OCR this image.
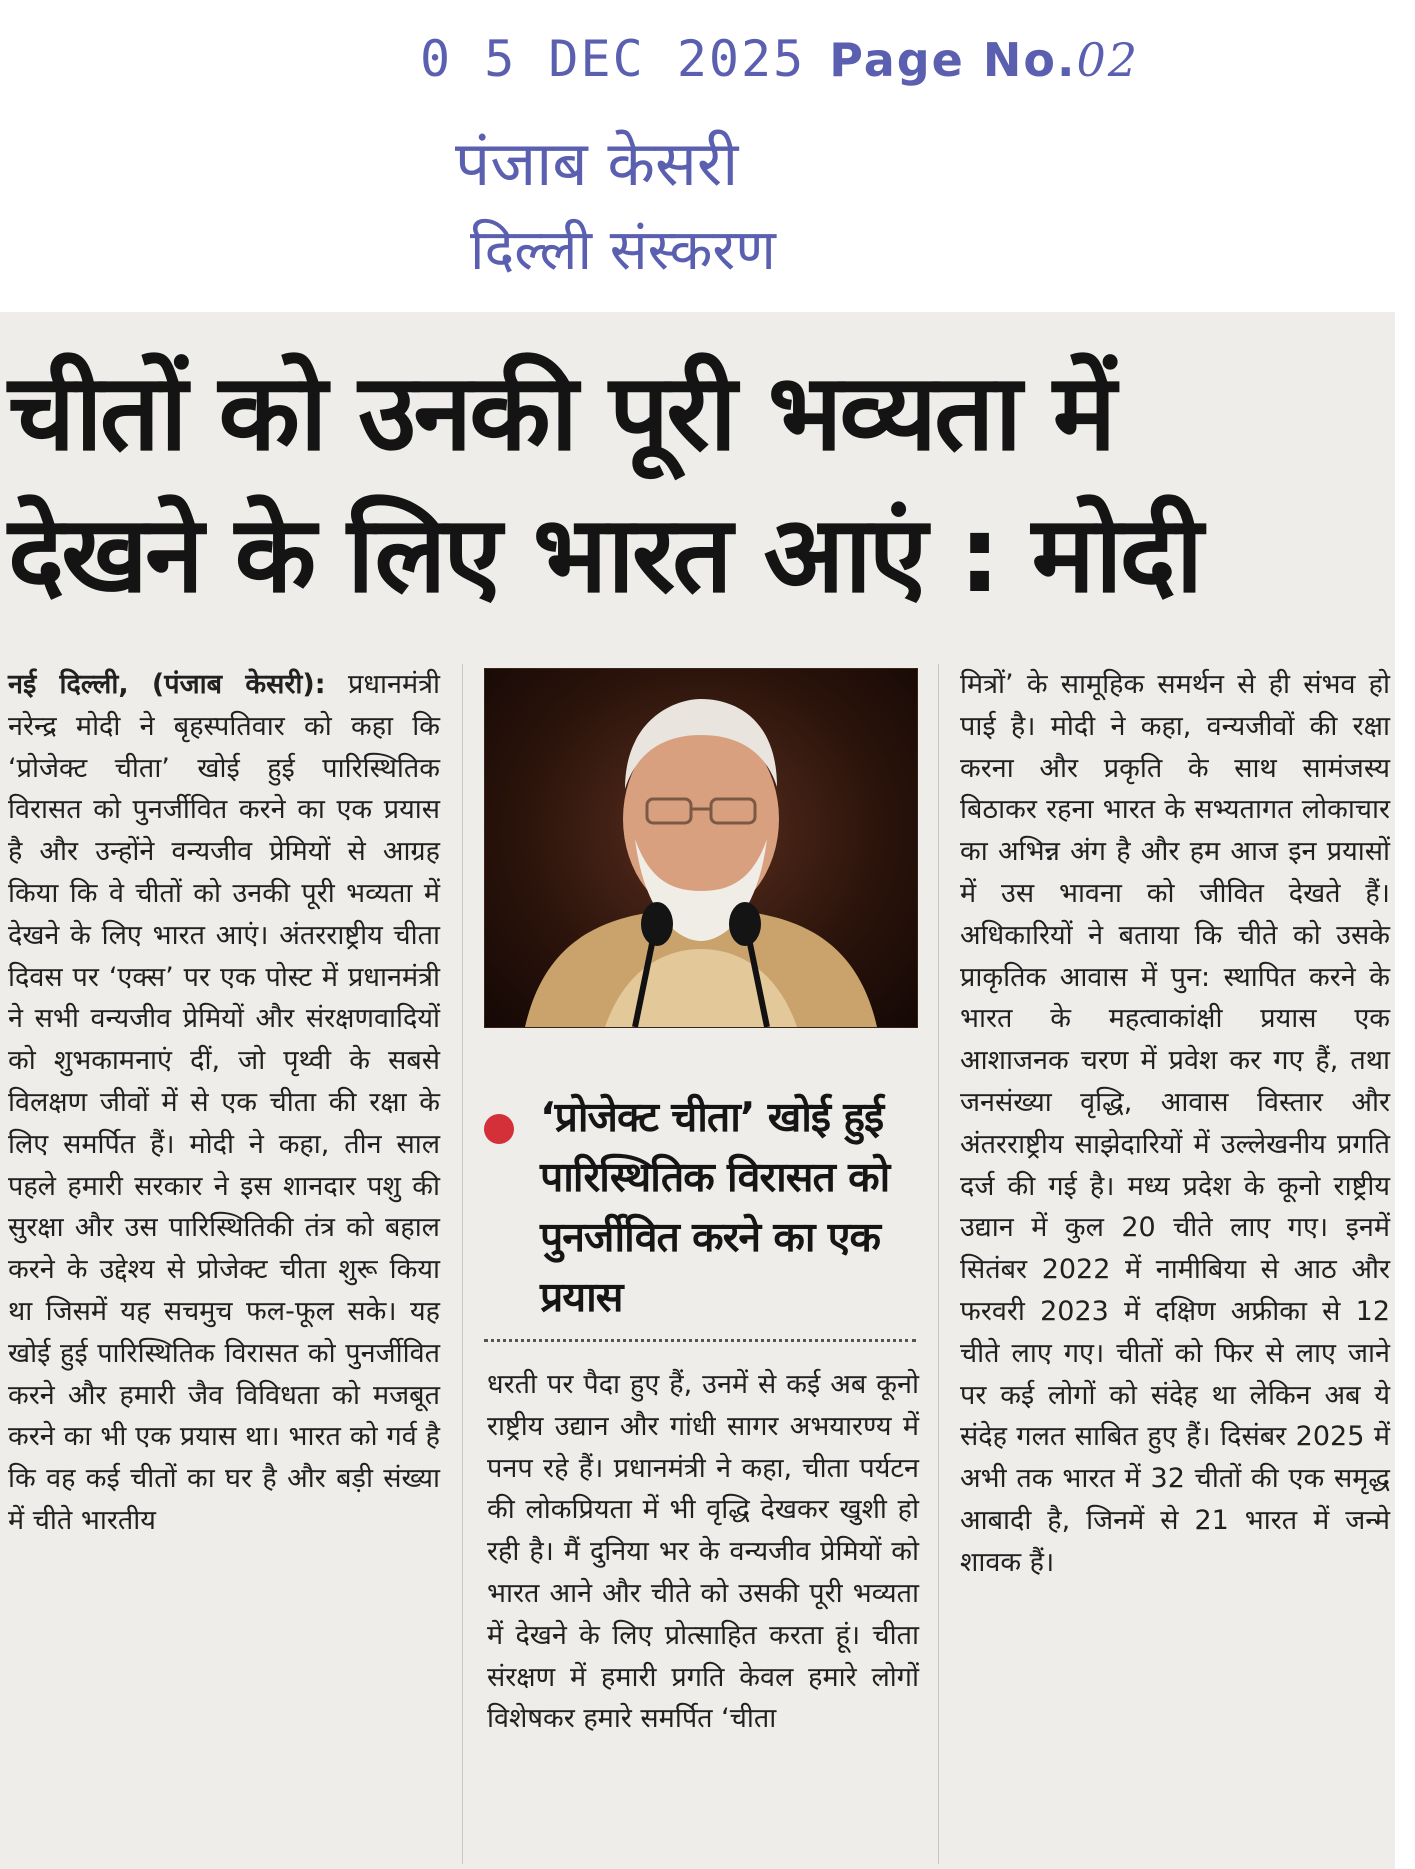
0 5 DEC 2025 Page No.02
पंजाब केसरी
दिल्ली संस्करण
चीतों को उनकी पूरी भव्यता में
देखने के लिए भारत आएं : मोदी
नई दिल्ली, (पंजाब केसरी): प्रधानमंत्री नरेन्द्र मोदी ने बृहस्पतिवार को कहा कि ‘प्रोजेक्ट चीता’ खोई हुई पारिस्थितिक विरासत को पुनर्जीवित करने का एक प्रयास है और उन्होंने वन्यजीव प्रेमियों से आग्रह किया कि वे चीतों को उनकी पूरी भव्यता में देखने के लिए भारत आएं। अंतरराष्ट्रीय चीता दिवस पर ‘एक्स’ पर एक पोस्ट में प्रधानमंत्री ने सभी वन्यजीव प्रेमियों और संरक्षणवादियों को शुभकामनाएं दीं, जो पृथ्वी के सबसे विलक्षण जीवों में से एक चीता की रक्षा के लिए समर्पित हैं। मोदी ने कहा, तीन साल पहले हमारी सरकार ने इस शानदार पशु की सुरक्षा और उस पारिस्थितिकी तंत्र को बहाल करने के उद्देश्य से प्रोजेक्ट चीता शुरू किया था जिसमें यह सचमुच फल-फूल सके। यह खोई हुई पारिस्थितिक विरासत को पुनर्जीवित करने और हमारी जैव विविधता को मजबूत करने का भी एक प्रयास था। भारत को गर्व है कि वह कई चीतों का घर है और बड़ी संख्या में चीते भारतीय
‘प्रोजेक्ट चीता’ खोई हुई पारिस्थितिक विरासत को पुनर्जीवित करने का एक प्रयास
धरती पर पैदा हुए हैं, उनमें से कई अब कूनो राष्ट्रीय उद्यान और गांधी सागर अभयारण्य में पनप रहे हैं। प्रधानमंत्री ने कहा, चीता पर्यटन की लोकप्रियता में भी वृद्धि देखकर खुशी हो रही है। मैं दुनिया भर के वन्यजीव प्रेमियों को भारत आने और चीते को उसकी पूरी भव्यता में देखने के लिए प्रोत्साहित करता हूं। चीता संरक्षण में हमारी प्रगति केवल हमारे लोगों विशेषकर हमारे समर्पित ‘चीता
मित्रों’ के सामूहिक समर्थन से ही संभव हो पाई है। मोदी ने कहा, वन्यजीवों की रक्षा करना और प्रकृति के साथ सामंजस्य बिठाकर रहना भारत के सभ्यतागत लोकाचार का अभिन्न अंग है और हम आज इन प्रयासों में उस भावना को जीवित देखते हैं। अधिकारियों ने बताया कि चीते को उसके प्राकृतिक आवास में पुन: स्थापित करने के भारत के महत्वाकांक्षी प्रयास एक आशाजनक चरण में प्रवेश कर गए हैं, तथा जनसंख्या वृद्धि, आवास विस्तार और अंतरराष्ट्रीय साझेदारियों में उल्लेखनीय प्रगति दर्ज की गई है। मध्य प्रदेश के कूनो राष्ट्रीय उद्यान में कुल 20 चीते लाए गए। इनमें सितंबर 2022 में नामीबिया से आठ और फरवरी 2023 में दक्षिण अफ्रीका से 12 चीते लाए गए। चीतों को फिर से लाए जाने पर कई लोगों को संदेह था लेकिन अब ये संदेह गलत साबित हुए हैं। दिसंबर 2025 में अभी तक भारत में 32 चीतों की एक समृद्ध आबादी है, जिनमें से 21 भारत में जन्मे शावक हैं।
